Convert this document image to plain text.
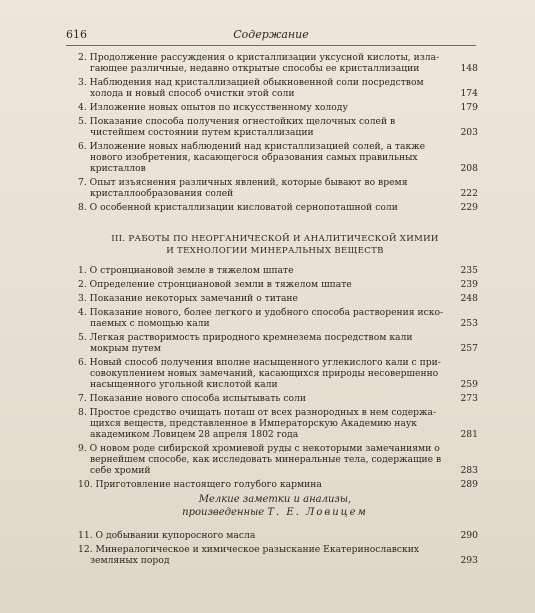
616	Содержание
2. Продолжение рассуждения о кристаллизации уксусной кислоты, излагающее различные, недавно открытые способы ее кристаллизации	148
3. Наблюдения над кристаллизацией обыкновенной соли посредством холода и новый способ очистки этой соли	174
4. Изложение новых опытов по искусственному холоду	179
5. Показание способа получения огнестойких щелочных солей в чистейшем состоянии путем кристаллизации	203
6. Изложение новых наблюдений над кристаллизацией солей, а также нового изобретения, касающегося образования самых правильных кристаллов	208
7. Опыт изъяснения различных явлений, которые бывают во время кристаллообразования солей	222
8. О особенной кристаллизации кисловатой сернопоташной соли	229
III. РАБОТЫ ПО НЕОРГАНИЧЕСКОЙ И АНАЛИТИЧЕСКОЙ ХИМИИ
И ТЕХНОЛОГИИ МИНЕРАЛЬНЫХ ВЕЩЕСТВ
1. О стронциановой земле в тяжелом шпате	235
2. Определение стронциановой земли в тяжелом шпате	239
3. Показание некоторых замечаний о титане	248
4. Показание нового, более легкого и удобного способа растворения ископаемых с помощью кали	253
5. Легкая растворимость природного кремнезема посредством кали мокрым путем	257
6. Новый способ получения вполне насыщенного углекислого кали с присовокуплением новых замечаний, касающихся природы несовершенно насыщенного угольной кислотой кали	259
7. Показание нового способа испытывать соли	273
8. Простое средство очищать поташ от всех разнородных в нем содержащихся веществ, представленное в Императорскую Академию наук академиком Ловицем 28 апреля 1802 года	281
9. О новом роде сибирской хромиевой руды с некоторыми замечаниями о вернейшем способе, как исследовать минеральные тела, содержащие в себе хромий	283
10. Приготовление настоящего голубого кармина	289
Мелкие заметки и анализы,
произведенные Т. Е. Ловицем
11. О добывании купоросного масла	290
12. Минералогическое и химическое разыскание Екатеринославских земляных пород	293
